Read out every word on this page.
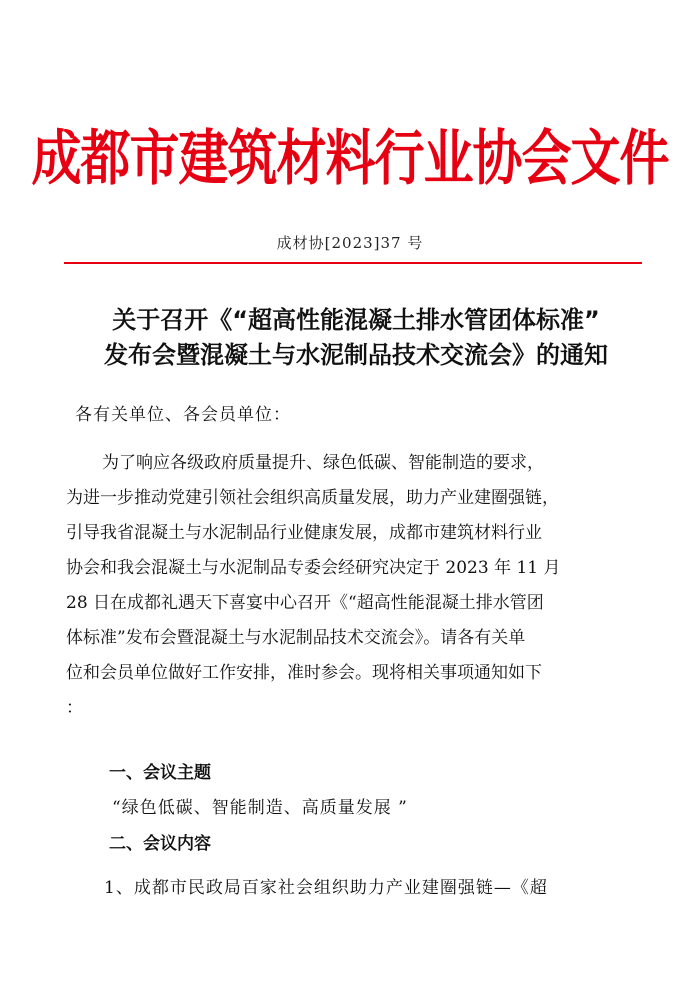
成都市建筑材料行业协会文件
成材协[2023]37 号
关于召开《“超高性能混凝土排水管团体标准”
发布会暨混凝土与水泥制品技术交流会》的通知
各有关单位、各会员单位：
为了响应各级政府质量提升、绿色低碳、智能制造的要求，
为进一步推动党建引领社会组织高质量发展，助力产业建圈强链，
引导我省混凝土与水泥制品行业健康发展，成都市建筑材料行业
协会和我会混凝土与水泥制品专委会经研究决定于 2023 年 11 月
28 日在成都礼遇天下喜宴中心召开《“超高性能混凝土排水管团
体标准”发布会暨混凝土与水泥制品技术交流会》。请各有关单
位和会员单位做好工作安排，准时参会。现将相关事项通知如下
：
一、会议主题
“绿色低碳、智能制造、高质量发展 ”
二、会议内容
1、成都市民政局百家社会组织助力产业建圈强链—《超
